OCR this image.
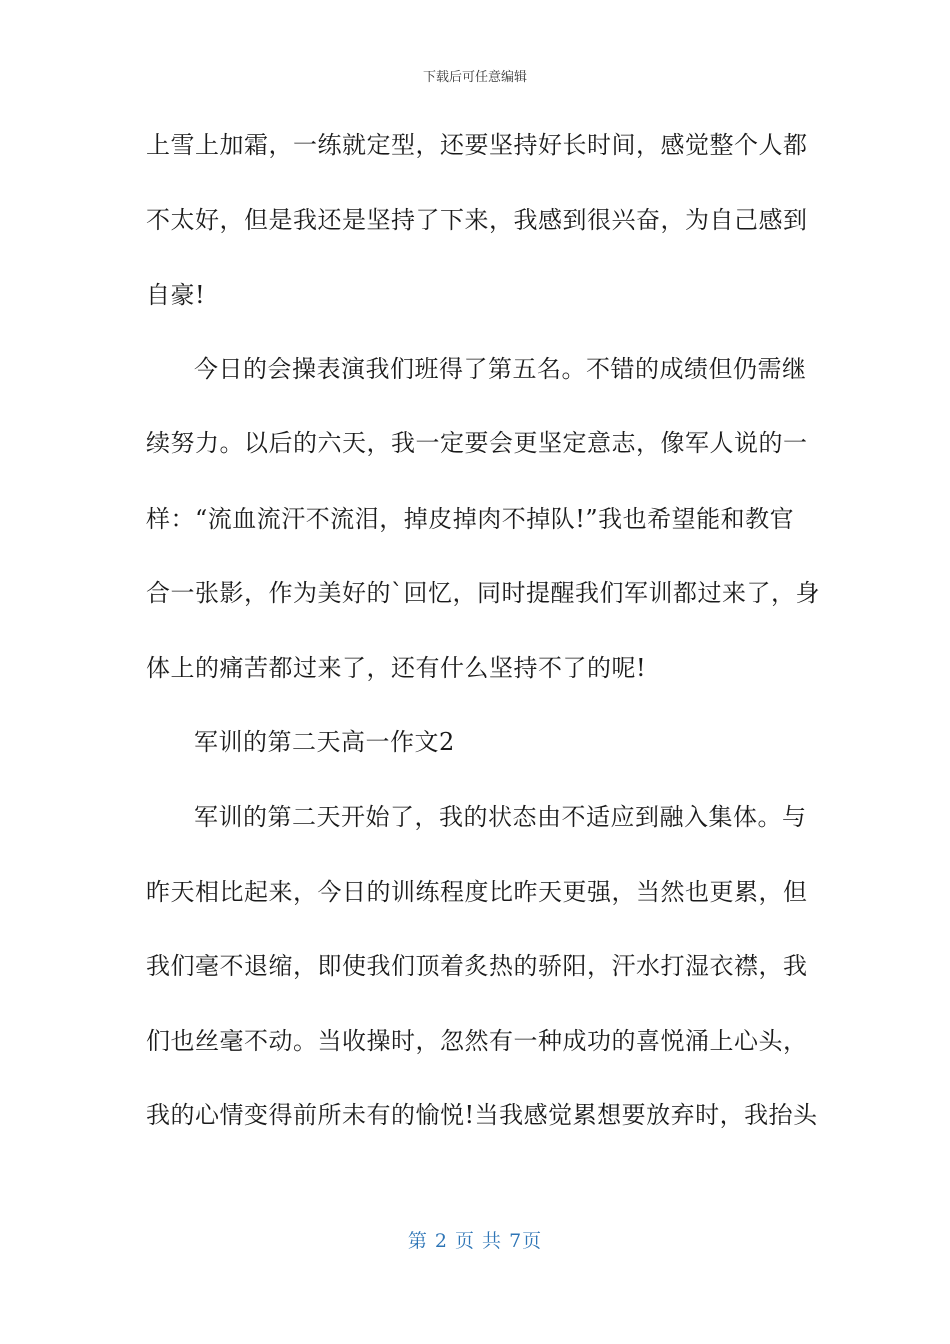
下载后可任意编辑
上雪上加霜，一练就定型，还要坚持好长时间，感觉整个人都
不太好，但是我还是坚持了下来，我感到很兴奋，为自己感到
自豪!
今日的会操表演我们班得了第五名。不错的成绩但仍需继
续努力。以后的六天，我一定要会更坚定意志，像军人说的一
样：“流血流汗不流泪，掉皮掉肉不掉队!”我也希望能和教官
合一张影，作为美好的`回忆，同时提醒我们军训都过来了，身
体上的痛苦都过来了，还有什么坚持不了的呢!
军训的第二天高一作文2
军训的第二天开始了，我的状态由不适应到融入集体。与
昨天相比起来，今日的训练程度比昨天更强，当然也更累，但
我们毫不退缩，即使我们顶着炙热的骄阳，汗水打湿衣襟，我
们也丝毫不动。当收操时，忽然有一种成功的喜悦涌上心头，
我的心情变得前所未有的愉悦!当我感觉累想要放弃时，我抬头
第 2 页 共 7页
